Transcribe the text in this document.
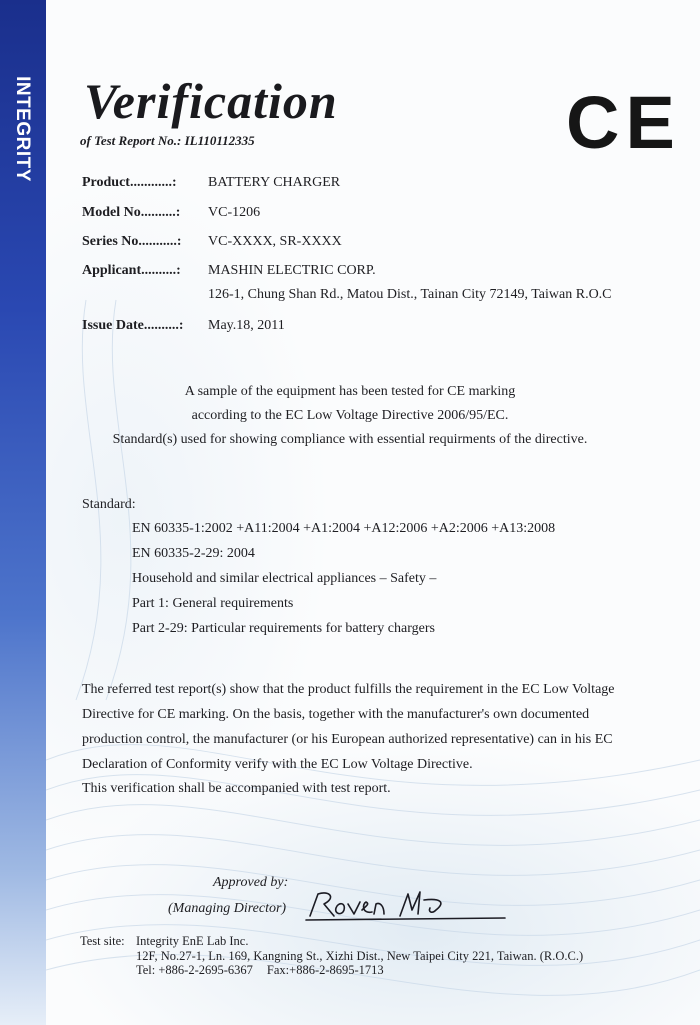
INTEGRITY Verification
of Test Report No.: IL110112335	CE
Product............: BATTERY CHARGER
Model No..........: VC-1206
Series No...........: VC-XXXX, SR-XXXX
Applicant..........: MASHIN ELECTRIC CORP.
126-1, Chung Shan Rd., Matou Dist., Tainan City 72149, Taiwan R.O.C
Issue Date..........: May.18, 2011
A sample of the equipment has been tested for CE marking
according to the EC Low Voltage Directive 2006/95/EC.
Standard(s) used for showing compliance with essential requirments of the directive.
Standard:
EN 60335-1:2002 +A11:2004 +A1:2004 +A12:2006 +A2:2006 +A13:2008
EN 60335-2-29: 2004
Household and similar electrical appliances – Safety –
Part 1: General requirements
Part 2-29: Particular requirements for battery chargers
The referred test report(s) show that the product fulfills the requirement in the EC Low Voltage
Directive for CE marking. On the basis, together with the manufacturer's own documented
production control, the manufacturer (or his European authorized representative) can in his EC
Declaration of Conformity verify with the EC Low Voltage Directive.
This verification shall be accompanied with test report.
Approved by:
(Managing Director)
Test site: Integrity EnE Lab Inc.
12F, No.27-1, Ln. 169, Kangning St., Xizhi Dist., New Taipei City 221, Taiwan. (R.O.C.)
Tel: +886-2-2695-6367 Fax:+886-2-8695-1713
